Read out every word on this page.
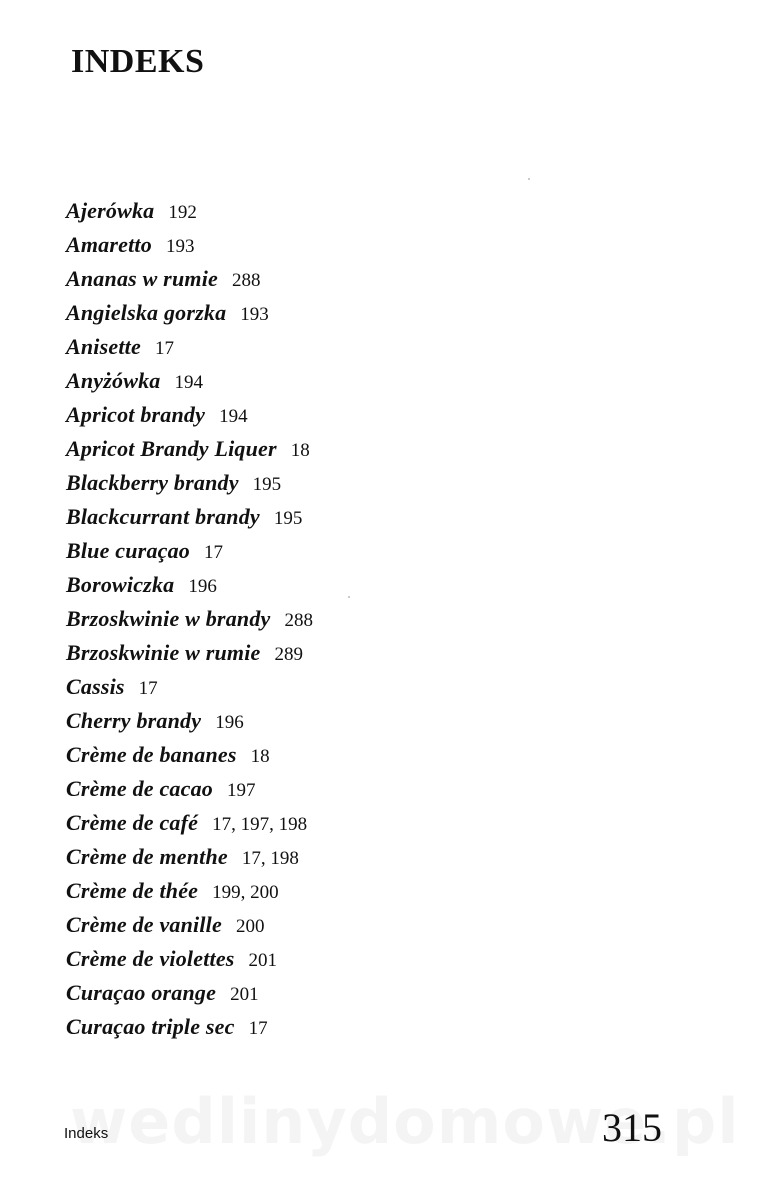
INDEKS
Ajerówka 192
Amaretto 193
Ananas w rumie 288
Angielska gorzka 193
Anisette 17
Anyżówka 194
Apricot brandy 194
Apricot Brandy Liquer 18
Blackberry brandy 195
Blackcurrant brandy 195
Blue curaçao 17
Borowiczka 196
Brzoskwinie w brandy 288
Brzoskwinie w rumie 289
Cassis 17
Cherry brandy 196
Crème de bananes 18
Crème de cacao 197
Crème de café 17, 197, 198
Crème de menthe 17, 198
Crème de thée 199, 200
Crème de vanille 200
Crème de violettes 201
Curaçao orange 201
Curaçao triple sec 17
Indeks	315
